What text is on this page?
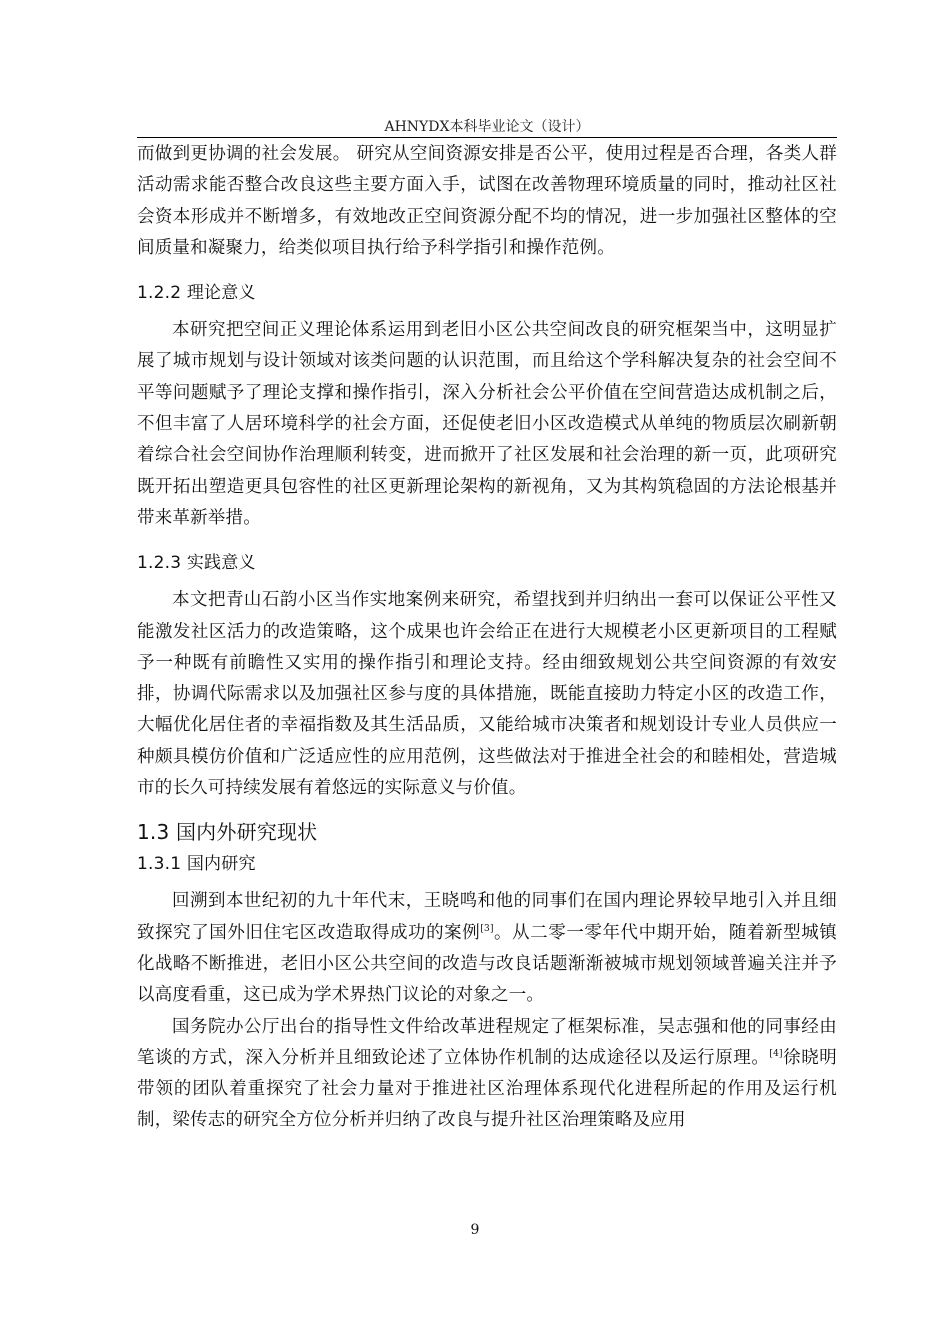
AHNYDX本科毕业论文（设计）

而做到更协调的社会发展。 研究从空间资源安排是否公平，使用过程是否合理，各类人群活动需求能否整合改良这些主要方面入手，试图在改善物理环境质量的同时，推动社区社会资本形成并不断增多，有效地改正空间资源分配不均的情况，进一步加强社区整体的空间质量和凝聚力，给类似项目执行给予科学指引和操作范例。

1.2.2 理论意义

本研究把空间正义理论体系运用到老旧小区公共空间改良的研究框架当中，这明显扩展了城市规划与设计领域对该类问题的认识范围，而且给这个学科解决复杂的社会空间不平等问题赋予了理论支撑和操作指引，深入分析社会公平价值在空间营造达成机制之后，不但丰富了人居环境科学的社会方面，还促使老旧小区改造模式从单纯的物质层次刷新朝着综合社会空间协作治理顺利转变，进而掀开了社区发展和社会治理的新一页，此项研究既开拓出塑造更具包容性的社区更新理论架构的新视角，又为其构筑稳固的方法论根基并带来革新举措。

1.2.3 实践意义

本文把青山石韵小区当作实地案例来研究，希望找到并归纳出一套可以保证公平性又能激发社区活力的改造策略，这个成果也许会给正在进行大规模老小区更新项目的工程赋予一种既有前瞻性又实用的操作指引和理论支持。经由细致规划公共空间资源的有效安排，协调代际需求以及加强社区参与度的具体措施，既能直接助力特定小区的改造工作，大幅优化居住者的幸福指数及其生活品质，又能给城市决策者和规划设计专业人员供应一种颇具模仿价值和广泛适应性的应用范例，这些做法对于推进全社会的和睦相处，营造城市的长久可持续发展有着悠远的实际意义与价值。

1.3 国内外研究现状
1.3.1 国内研究

回溯到本世纪初的九十年代末，王晓鸣和他的同事们在国内理论界较早地引入并且细致探究了国外旧住宅区改造取得成功的案例[3]。从二零一零年代中期开始，随着新型城镇化战略不断推进，老旧小区公共空间的改造与改良话题渐渐被城市规划领域普遍关注并予以高度看重，这已成为学术界热门议论的对象之一。

国务院办公厅出台的指导性文件给改革进程规定了框架标准，吴志强和他的同事经由笔谈的方式，深入分析并且细致论述了立体协作机制的达成途径以及运行原理。[4]徐晓明带领的团队着重探究了社会力量对于推进社区治理体系现代化进程所起的作用及运行机制，梁传志的研究全方位分析并归纳了改良与提升社区治理策略及应用

9
